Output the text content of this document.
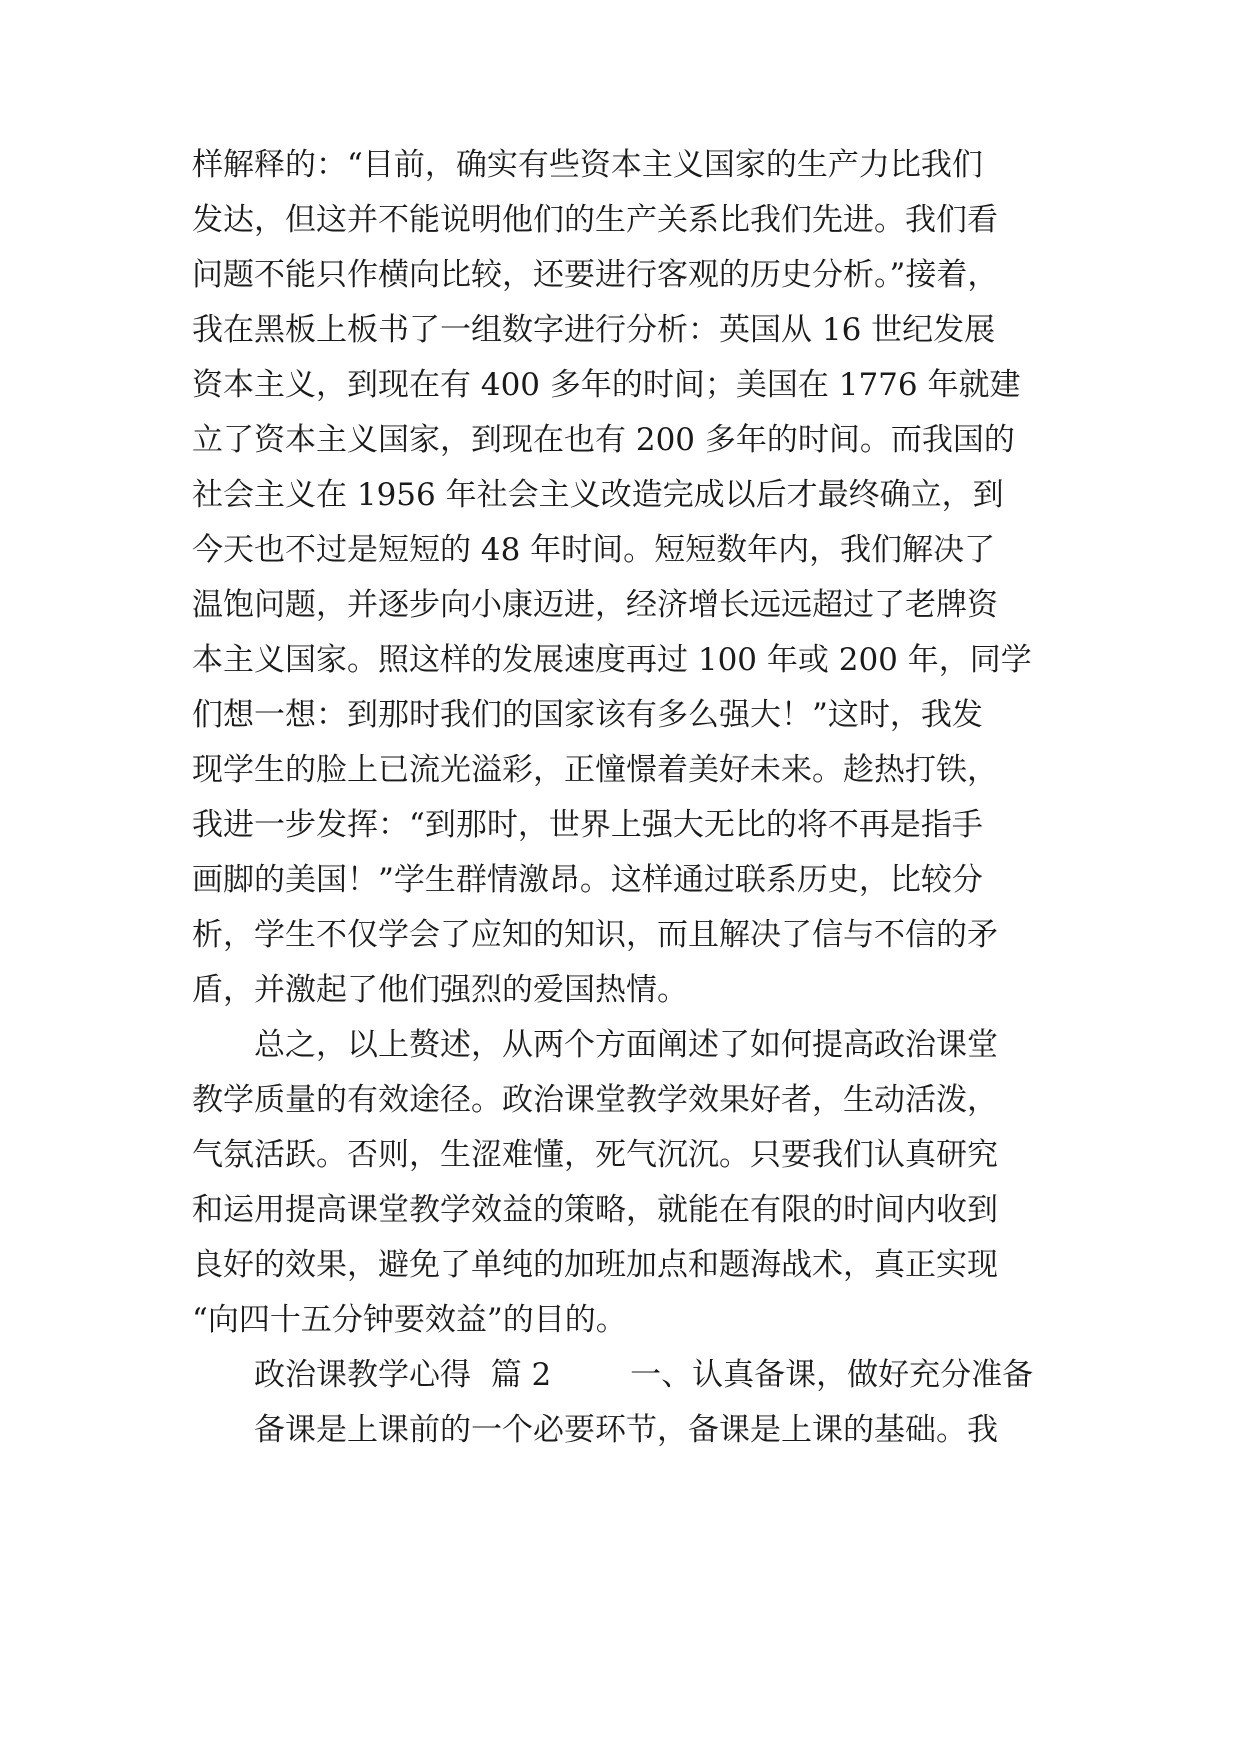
样解释的：“目前，确实有些资本主义国家的生产力比我们
发达，但这并不能说明他们的生产关系比我们先进。我们看
问题不能只作横向比较，还要进行客观的历史分析。”接着，
我在黑板上板书了一组数字进行分析：英国从 16 世纪发展
资本主义，到现在有 400 多年的时间；美国在 1776 年就建
立了资本主义国家，到现在也有 200 多年的时间。而我国的
社会主义在 1956 年社会主义改造完成以后才最终确立，到
今天也不过是短短的 48 年时间。短短数年内，我们解决了
温饱问题，并逐步向小康迈进，经济增长远远超过了老牌资
本主义国家。照这样的发展速度再过 100 年或 200 年，同学
们想一想：到那时我们的国家该有多么强大！”这时，我发
现学生的脸上已流光溢彩，正憧憬着美好未来。趁热打铁，
我进一步发挥：“到那时，世界上强大无比的将不再是指手
画脚的美国！”学生群情激昂。这样通过联系历史，比较分
析，学生不仅学会了应知的知识，而且解决了信与不信的矛
盾，并激起了他们强烈的爱国热情。
总之，以上赘述，从两个方面阐述了如何提高政治课堂
教学质量的有效途径。政治课堂教学效果好者，生动活泼，
气氛活跃。否则，生涩难懂，死气沉沉。只要我们认真研究
和运用提高课堂教学效益的策略，就能在有限的时间内收到
良好的效果，避免了单纯的加班加点和题海战术，真正实现
“向四十五分钟要效益”的目的。
政治课教学心得  篇 2        一、认真备课，做好充分准备
备课是上课前的一个必要环节，备课是上课的基础。我
